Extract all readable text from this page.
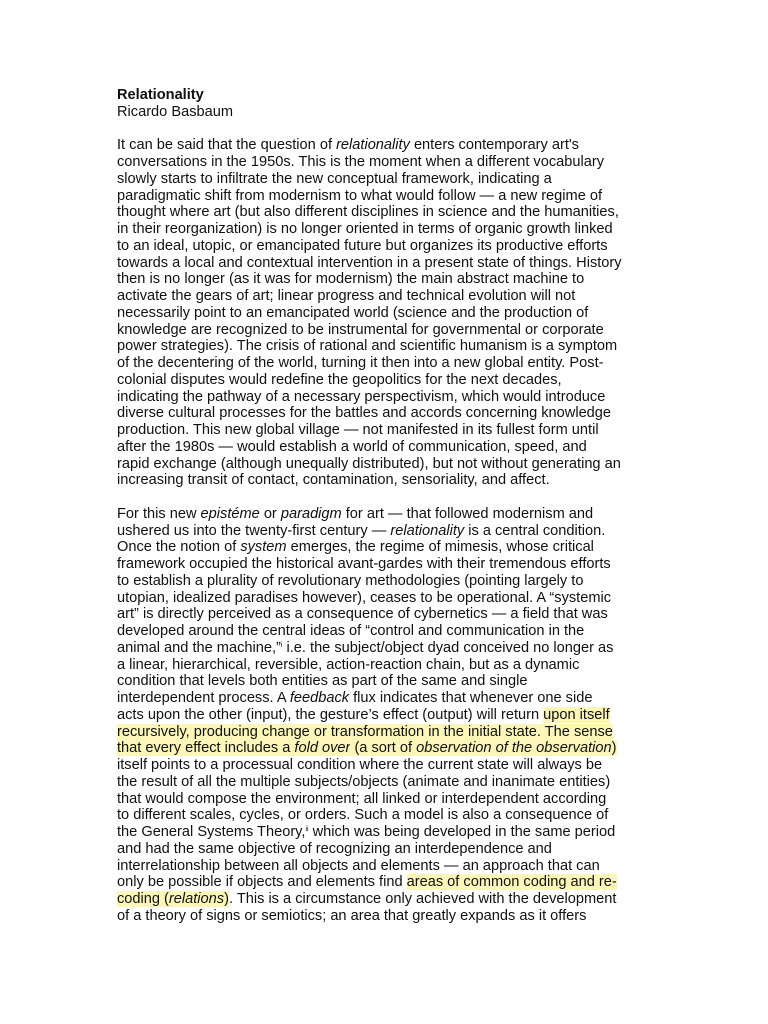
Relationality
Ricardo Basbaum

It can be said that the question of relationality enters contemporary art's
conversations in the 1950s. This is the moment when a different vocabulary
slowly starts to infiltrate the new conceptual framework, indicating a
paradigmatic shift from modernism to what would follow — a new regime of
thought where art (but also different disciplines in science and the humanities,
in their reorganization) is no longer oriented in terms of organic growth linked
to an ideal, utopic, or emancipated future but organizes its productive efforts
towards a local and contextual intervention in a present state of things. History
then is no longer (as it was for modernism) the main abstract machine to
activate the gears of art; linear progress and technical evolution will not
necessarily point to an emancipated world (science and the production of
knowledge are recognized to be instrumental for governmental or corporate
power strategies). The crisis of rational and scientific humanism is a symptom
of the decentering of the world, turning it then into a new global entity. Post-
colonial disputes would redefine the geopolitics for the next decades,
indicating the pathway of a necessary perspectivism, which would introduce
diverse cultural processes for the battles and accords concerning knowledge
production. This new global village — not manifested in its fullest form until
after the 1980s — would establish a world of communication, speed, and
rapid exchange (although unequally distributed), but not without generating an
increasing transit of contact, contamination, sensoriality, and affect.

For this new epistéme or paradigm for art — that followed modernism and
ushered us into the twenty-first century — relationality is a central condition.
Once the notion of system emerges, the regime of mimesis, whose critical
framework occupied the historical avant-gardes with their tremendous efforts
to establish a plurality of revolutionary methodologies (pointing largely to
utopian, idealized paradises however), ceases to be operational. A “systemic
art” is directly perceived as a consequence of cybernetics — a field that was
developed around the central ideas of “control and communication in the
animal and the machine,”$^i$ i.e. the subject/object dyad conceived no longer as
a linear, hierarchical, reversible, action-reaction chain, but as a dynamic
condition that levels both entities as part of the same and single
interdependent process. A feedback flux indicates that whenever one side
acts upon the other (input), the gesture’s effect (output) will return upon itself
recursively, producing change or transformation in the initial state. The sense
that every effect includes a fold over (a sort of observation of the observation)
itself points to a processual condition where the current state will always be
the result of all the multiple subjects/objects (animate and inanimate entities)
that would compose the environment; all linked or interdependent according
to different scales, cycles, or orders. Such a model is also a consequence of
the General Systems Theory,$^{ii}$ which was being developed in the same period
and had the same objective of recognizing an interdependence and
interrelationship between all objects and elements — an approach that can
only be possible if objects and elements find areas of common coding and re-
coding (relations). This is a circumstance only achieved with the development
of a theory of signs or semiotics; an area that greatly expands as it offers
